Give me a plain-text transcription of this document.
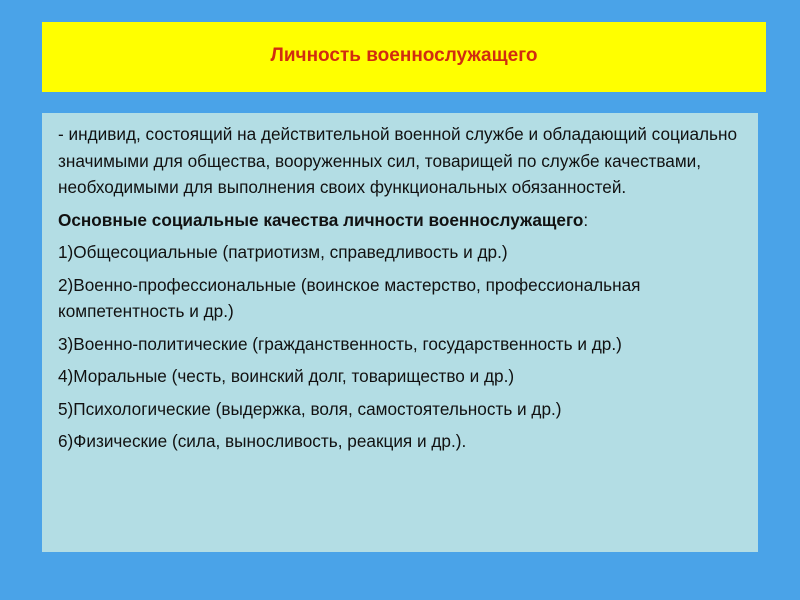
Личность военнослужащего

- индивид, состоящий на действительной военной службе и обладающий социально значимыми для общества, вооруженных сил, товарищей по службе качествами, необходимыми для выполнения своих функциональных обязанностей.

Основные социальные качества личности военнослужащего:

1)Общесоциальные (патриотизм, справедливость и др.)
2)Военно-профессиональные (воинское мастерство, профессиональная компетентность и др.)
3)Военно-политические (гражданственность, государственность и др.)
4)Моральные (честь, воинский долг, товарищество и др.)
5)Психологические (выдержка, воля, самостоятельность и др.)
6)Физические (сила, выносливость, реакция и др.).
